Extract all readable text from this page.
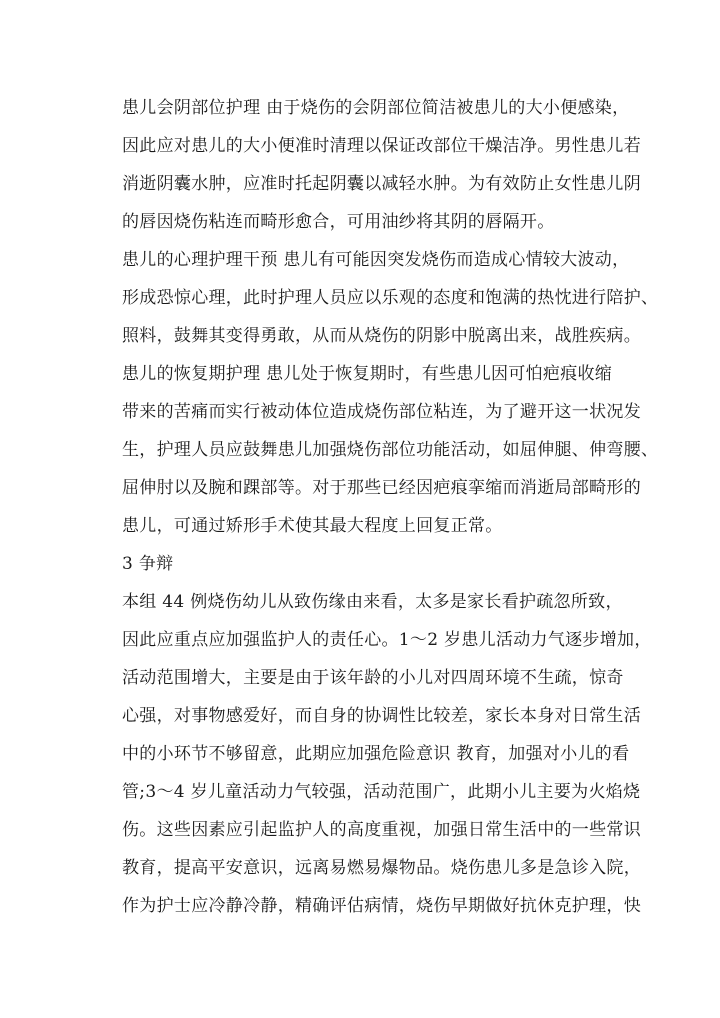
患儿会阴部位护理 由于烧伤的会阴部位简洁被患儿的大小便感染，
因此应对患儿的大小便准时清理以保证改部位干燥洁净。男性患儿若
消逝阴囊水肿，应准时托起阴囊以减轻水肿。为有效防止女性患儿阴
的唇因烧伤粘连而畸形愈合，可用油纱将其阴的唇隔开。
患儿的心理护理干预 患儿有可能因突发烧伤而造成心情较大波动，
形成恐惊心理，此时护理人员应以乐观的态度和饱满的热忱进行陪护、
照料，鼓舞其变得勇敢，从而从烧伤的阴影中脱离出来，战胜疾病。
患儿的恢复期护理 患儿处于恢复期时，有些患儿因可怕疤痕收缩
带来的苦痛而实行被动体位造成烧伤部位粘连，为了避开这一状况发
生，护理人员应鼓舞患儿加强烧伤部位功能活动，如屈伸腿、伸弯腰、
屈伸肘以及腕和踝部等。对于那些已经因疤痕挛缩而消逝局部畸形的
患儿，可通过矫形手术使其最大程度上回复正常。
3 争辩
本组 44 例烧伤幼儿从致伤缘由来看，太多是家长看护疏忽所致，
因此应重点应加强监护人的责任心。1～2 岁患儿活动力气逐步增加，
活动范围增大，主要是由于该年龄的小儿对四周环境不生疏，惊奇
心强，对事物感爱好，而自身的协调性比较差，家长本身对日常生活
中的小环节不够留意，此期应加强危险意识 教育，加强对小儿的看
管;3～4 岁儿童活动力气较强，活动范围广，此期小儿主要为火焰烧
伤。这些因素应引起监护人的高度重视，加强日常生活中的一些常识
教育，提高平安意识，远离易燃易爆物品。烧伤患儿多是急诊入院，
作为护士应冷静冷静，精确评估病情，烧伤早期做好抗休克护理，快
